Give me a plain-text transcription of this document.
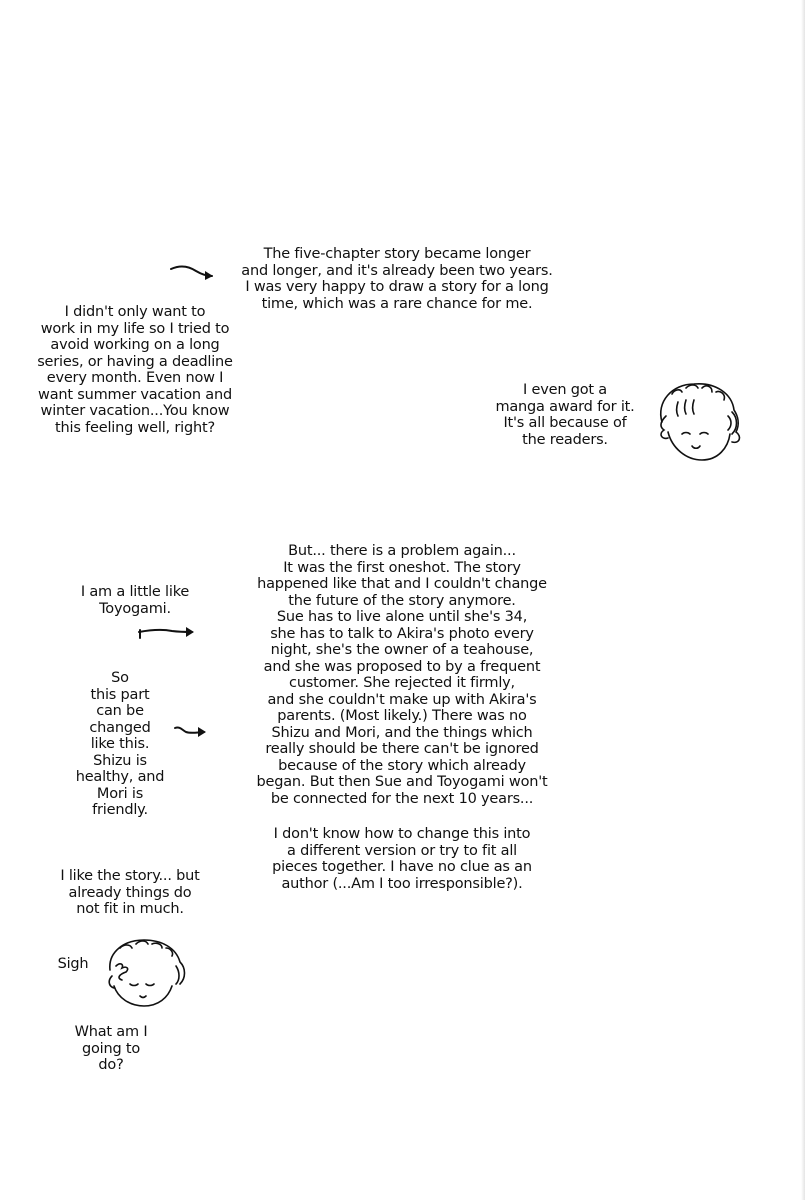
The five-chapter story became longer
and longer, and it's already been two years.
I was very happy to draw a story for a long
time, which was a rare chance for me.
I didn't only want to
work in my life so I tried to
avoid working on a long
series, or having a deadline
every month. Even now I
want summer vacation and
winter vacation...You know
this feeling well, right?
I even got a
manga award for it.
It's all because of
the readers.
But... there is a problem again...
It was the first oneshot. The story
happened like that and I couldn't change
the future of the story anymore.
Sue has to live alone until she's 34,
she has to talk to Akira's photo every
night, she's the owner of a teahouse,
and she was proposed to by a frequent
customer. She rejected it firmly,
and she couldn't make up with Akira's
parents. (Most likely.) There was no
Shizu and Mori, and the things which
really should be there can't be ignored
because of the story which already
began. But then Sue and Toyogami won't
be connected for the next 10 years...
I am a little like
Toyogami.
So
this part
can be
changed
like this.
Shizu is
healthy, and
Mori is
friendly.
I don't know how to change this into
a different version or try to fit all
pieces together. I have no clue as an
author (...Am I too irresponsible?).
I like the story... but
already things do
not fit in much.
Sigh
What am I
going to
do?
